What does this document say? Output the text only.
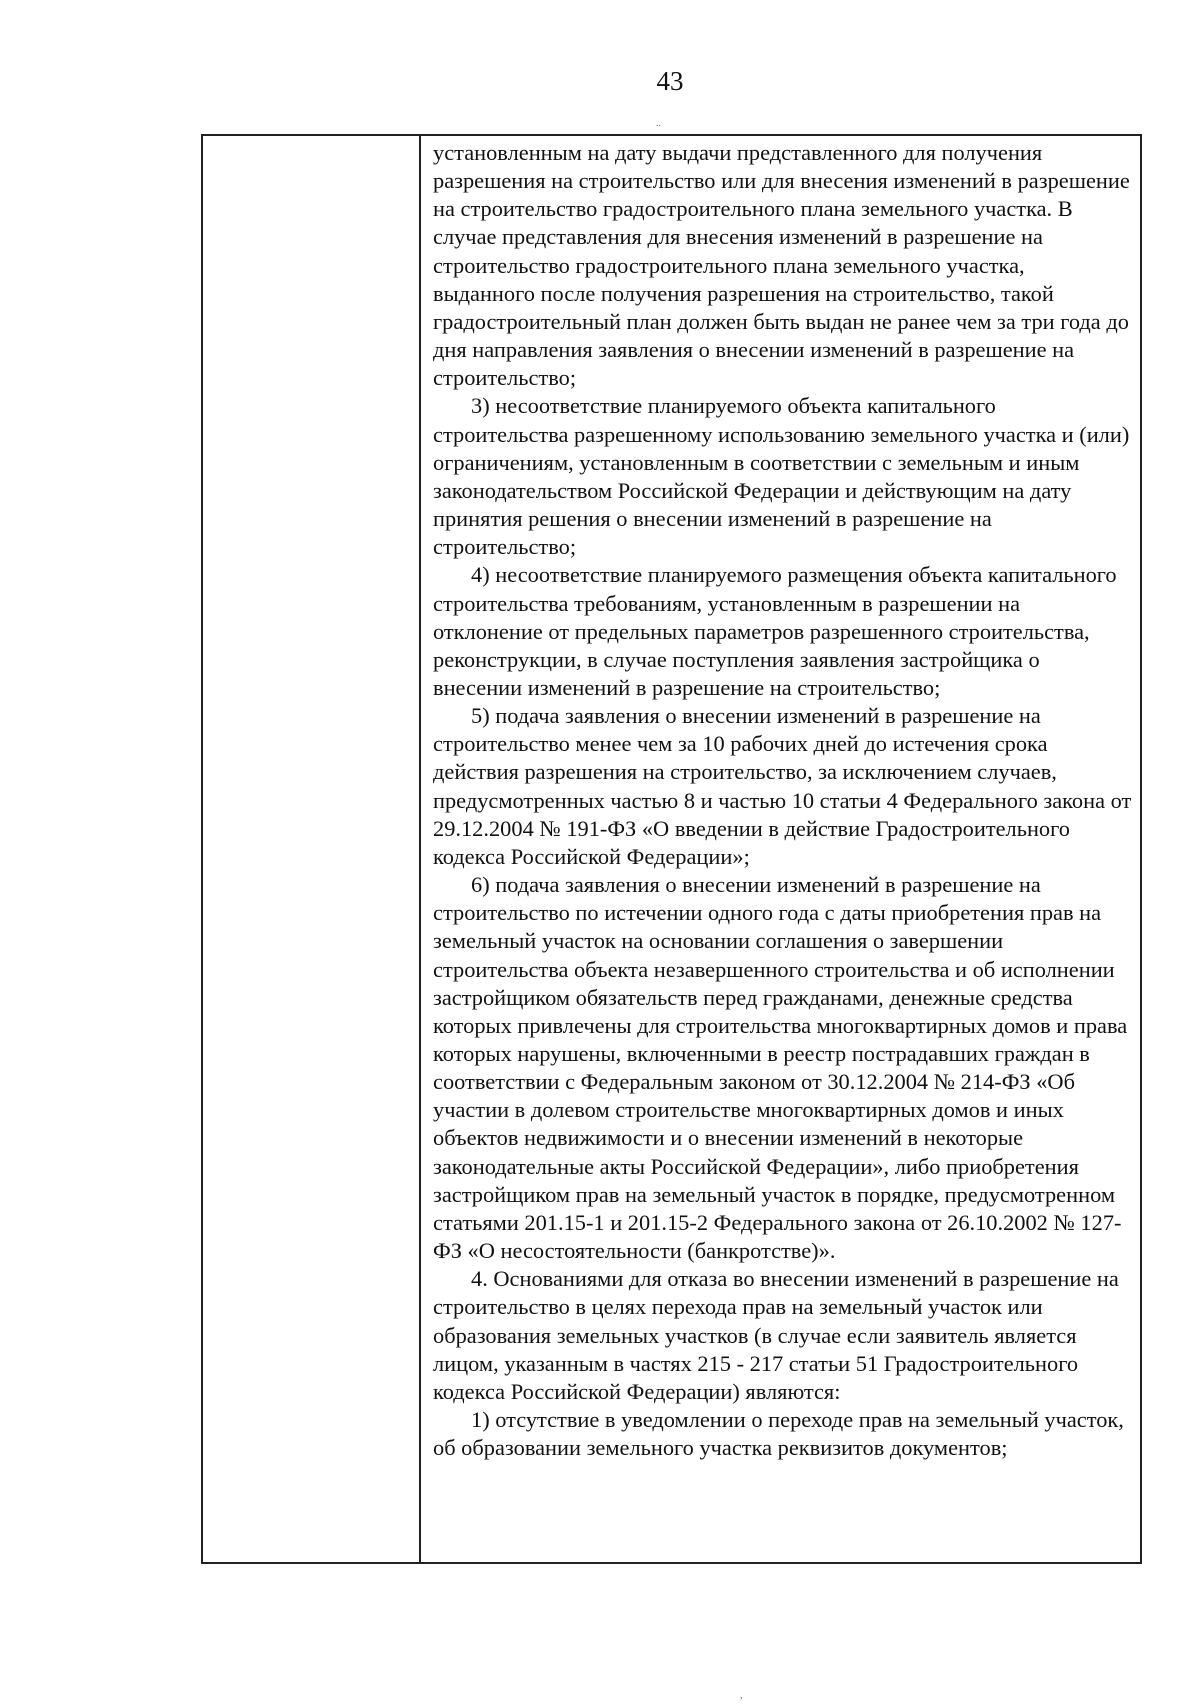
43

установленным на дату выдачи представленного для получения разрешения на строительство или для внесения изменений в разрешение на строительство градостроительного плана земельного участка. В случае представления для внесения изменений в разрешение на строительство градостроительного плана земельного участка, выданного после получения разрешения на строительство, такой градостроительный план должен быть выдан не ранее чем за три года до дня направления заявления о внесении изменений в разрешение на строительство;

3) несоответствие планируемого объекта капитального строительства разрешенному использованию земельного участка и (или) ограничениям, установленным в соответствии с земельным и иным законодательством Российской Федерации и действующим на дату принятия решения о внесении изменений в разрешение на строительство;

4) несоответствие планируемого размещения объекта капитального строительства требованиям, установленным в разрешении на отклонение от предельных параметров разрешенного строительства, реконструкции, в случае поступления заявления застройщика о внесении изменений в разрешение на строительство;

5) подача заявления о внесении изменений в разрешение на строительство менее чем за 10 рабочих дней до истечения срока действия разрешения на строительство, за исключением случаев, предусмотренных частью 8 и частью 10 статьи 4 Федерального закона от 29.12.2004 № 191-ФЗ «О введении в действие Градостроительного кодекса Российской Федерации»;

6) подача заявления о внесении изменений в разрешение на строительство по истечении одного года с даты приобретения прав на земельный участок на основании соглашения о завершении строительства объекта незавершенного строительства и об исполнении застройщиком обязательств перед гражданами, денежные средства которых привлечены для строительства многоквартирных домов и права которых нарушены, включенными в реестр пострадавших граждан в соответствии с Федеральным законом от 30.12.2004 № 214-ФЗ «Об участии в долевом строительстве многоквартирных домов и иных объектов недвижимости и о внесении изменений в некоторые законодательные акты Российской Федерации», либо приобретения застройщиком прав на земельный участок в порядке, предусмотренном статьями 201.15-1 и 201.15-2 Федерального закона от 26.10.2002 № 127-ФЗ «О несостоятельности (банкротстве)».

4. Основаниями для отказа во внесении изменений в разрешение на строительство в целях перехода прав на земельный участок или образования земельных участков (в случае если заявитель является лицом, указанным в частях 215 - 217 статьи 51 Градостроительного кодекса Российской Федерации) являются:

1) отсутствие в уведомлении о переходе прав на земельный участок, об образовании земельного участка реквизитов документов;

..
,
